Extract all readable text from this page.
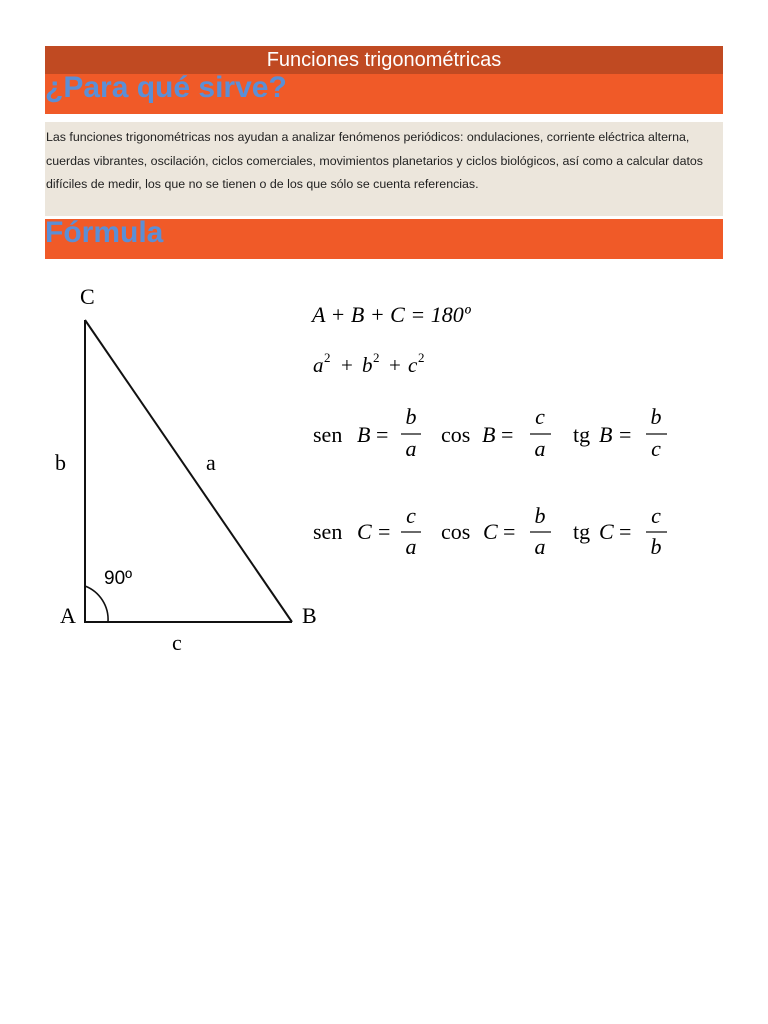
Funciones trigonométricas
¿Para qué sirve?

Las funciones trigonométricas nos ayudan a analizar fenómenos periódicos: ondulaciones, corriente eléctrica alterna, cuerdas vibrantes, oscilación, ciclos comerciales, movimientos planetarios y ciclos biológicos, así como a calcular datos difíciles de medir, los que no se tienen o de los que sólo se cuenta referencias.

Fórmula
C
A	B
b	a
c
90º
A + B + C = 180º
a 2 + b 2 + c 2
sen B =
b
a
cos B =
c
a
tg B =
b
c
sen C =
c
a
cos C =
b
a
tg C =
c
b
